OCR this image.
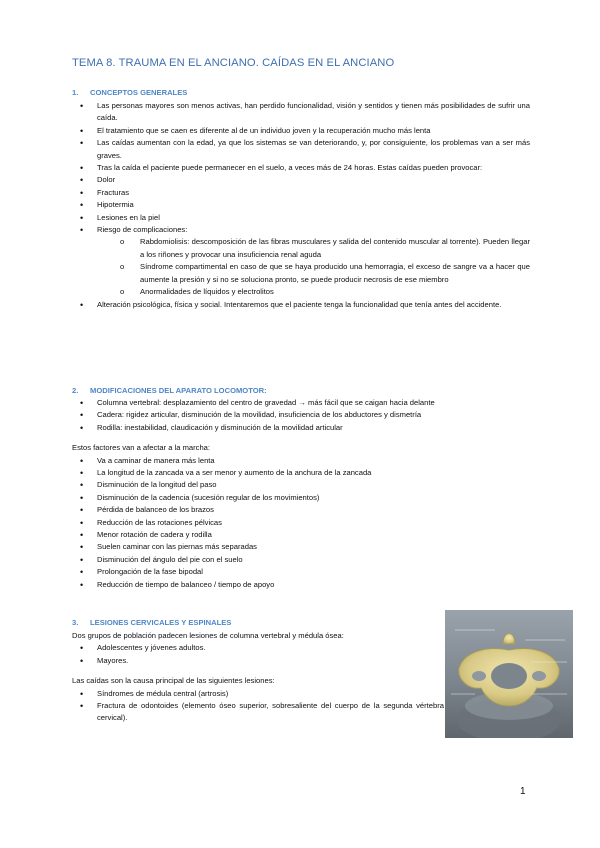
TEMA 8. TRAUMA EN EL ANCIANO. CAÍDAS EN EL ANCIANO
1. CONCEPTOS GENERALES
• Las personas mayores son menos activas, han perdido funcionalidad, visión y sentidos y tienen más posibilidades de sufrir una caída.
• El tratamiento que se caen es diferente al de un individuo joven y la recuperación mucho más lenta
• Las caídas aumentan con la edad, ya que los sistemas se van deteriorando, y, por consiguiente, los problemas van a ser más graves.
• Tras la caída el paciente puede permanecer en el suelo, a veces más de 24 horas. Estas caídas pueden provocar:
• Dolor
• Fracturas
• Hipotermia
• Lesiones en la piel
• Riesgo de complicaciones:
o Rabdomiolisis: descomposición de las fibras musculares y salida del contenido muscular al torrente). Pueden llegar a los riñones y provocar una insuficiencia renal aguda
o Síndrome compartimental en caso de que se haya producido una hemorragia, el exceso de sangre va a hacer que aumente la presión y si no se soluciona pronto, se puede producir necrosis de ese miembro
o Anormalidades de líquidos y electrolitos
• Alteración psicológica, física y social. Intentaremos que el paciente tenga la funcionalidad que tenía antes del accidente.
2. MODIFICACIONES DEL APARATO LOCOMOTOR:
• Columna vertebral: desplazamiento del centro de gravedad → más fácil que se caigan hacia delante
• Cadera: rigidez articular, disminución de la movilidad, insuficiencia de los abductores y dismetría
• Rodilla: inestabilidad, claudicación y disminución de la movilidad articular

Estos factores van a afectar a la marcha:

• Va a caminar de manera más lenta
• La longitud de la zancada va a ser menor y aumento de la anchura de la zancada
• Disminución de la longitud del paso
• Disminución de la cadencia (sucesión regular de los movimientos)
• Pérdida de balanceo de los brazos
• Reducción de las rotaciones pélvicas
• Menor rotación de cadera y rodilla
• Suelen caminar con las piernas más separadas
• Disminución del ángulo del pie con el suelo
• Prolongación de la fase bipodal
• Reducción de tiempo de balanceo / tiempo de apoyo
3. LESIONES CERVICALES Y ESPINALES

Dos grupos de población padecen lesiones de columna vertebral y médula ósea:

• Adolescentes y jóvenes adultos.
• Mayores.

Las caídas son la causa principal de las siguientes lesiones:

• Síndromes de médula central (artrosis)
• Fractura de odontoides (elemento óseo superior, sobresaliente del cuerpo de la segunda vértebra cervical).
1
